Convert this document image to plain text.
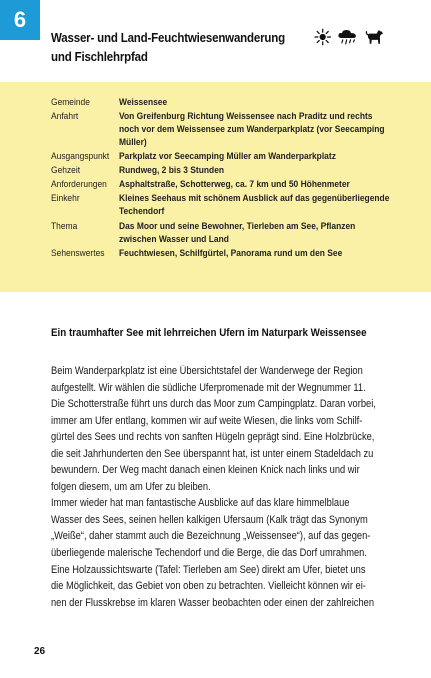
6
Wasser- und Land-Feuchtwiesenwanderung
und Fischlehrpfad
Gemeinde	Weissensee
Anfahrt	Von Greifenburg Richtung Weissensee nach Praditz und rechts
noch vor dem Weissensee zum Wanderparkplatz (vor Seecamping
Müller)
Ausgangspunkt	Parkplatz vor Seecamping Müller am Wanderparkplatz
Gehzeit	Rundweg, 2 bis 3 Stunden
Anforderungen	Asphaltstraße, Schotterweg, ca. 7 km und 50 Höhenmeter
Einkehr	Kleines Seehaus mit schönem Ausblick auf das gegenüberliegende
Techendorf
Thema	Das Moor und seine Bewohner, Tierleben am See, Pflanzen
zwischen Wasser und Land
Sehenswertes	Feuchtwiesen, Schilfgürtel, Panorama rund um den See
Ein traumhafter See mit lehrreichen Ufern im Naturpark Weissensee
Beim Wanderparkplatz ist eine Übersichtstafel der Wanderwege der Region
aufgestellt. Wir wählen die südliche Uferpromenade mit der Wegnummer 11.
Die Schotterstraße führt uns durch das Moor zum Campingplatz. Daran vorbei,
immer am Ufer entlang, kommen wir auf weite Wiesen, die links vom Schilf-
gürtel des Sees und rechts von sanften Hügeln geprägt sind. Eine Holzbrücke,
die seit Jahrhunderten den See überspannt hat, ist unter einem Stadeldach zu
bewundern. Der Weg macht danach einen kleinen Knick nach links und wir
folgen diesem, um am Ufer zu bleiben.
Immer wieder hat man fantastische Ausblicke auf das klare himmelblaue
Wasser des Sees, seinen hellen kalkigen Ufersaum (Kalk trägt das Synonym
„Weiße“, daher stammt auch die Bezeichnung „Weissensee“), auf das gegen-
überliegende malerische Techendorf und die Berge, die das Dorf umrahmen.
Eine Holzaussichtswarte (Tafel: Tierleben am See) direkt am Ufer, bietet uns
die Möglichkeit, das Gebiet von oben zu betrachten. Vielleicht können wir ei-
nen der Flusskrebse im klaren Wasser beobachten oder einen der zahlreichen
26
